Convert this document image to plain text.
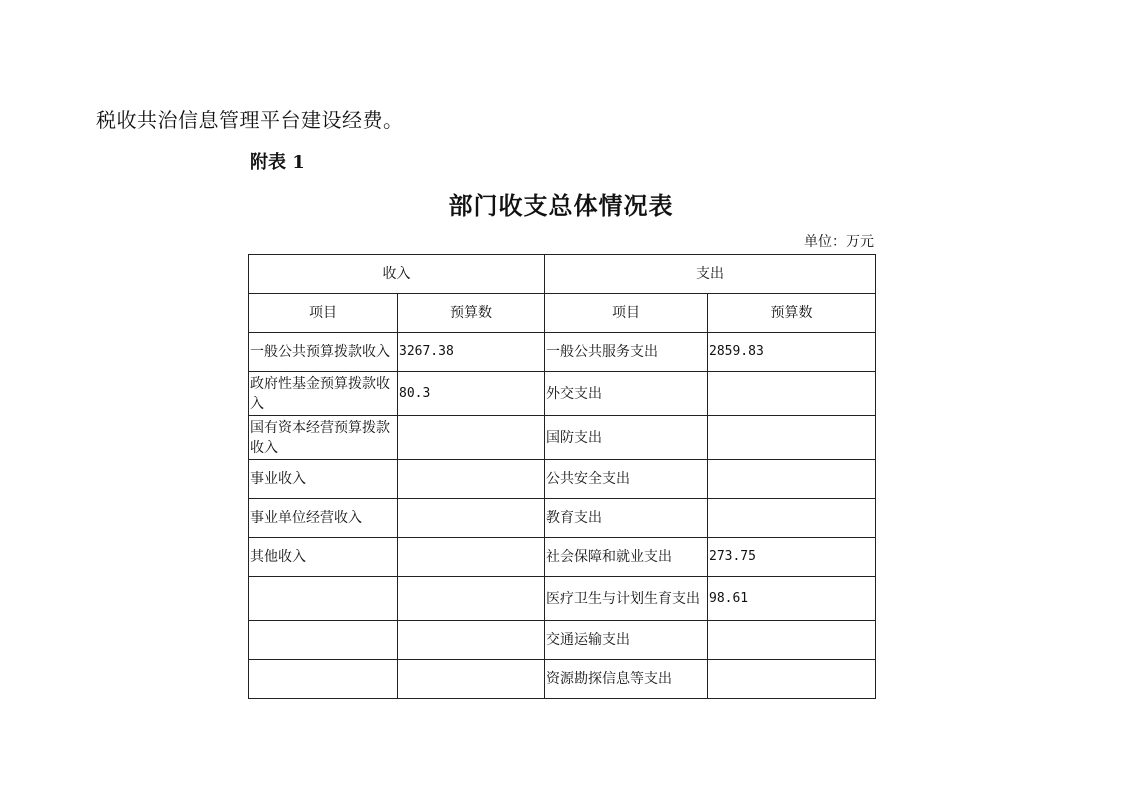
税收共治信息管理平台建设经费。
附表 1
部门收支总体情况表
单位：万元
收入		支出	
项目	预算数	项目	预算数
一般公共预算拨款收入	3267.38	一般公共服务支出	2859.83
政府性基金预算拨款收入	80.3	外交支出	
国有资本经营预算拨款收入		国防支出	
事业收入		公共安全支出	
事业单位经营收入		教育支出	
其他收入		社会保障和就业支出	273.75
		医疗卫生与计划生育支出	98.61
		交通运输支出	
		资源勘探信息等支出	
